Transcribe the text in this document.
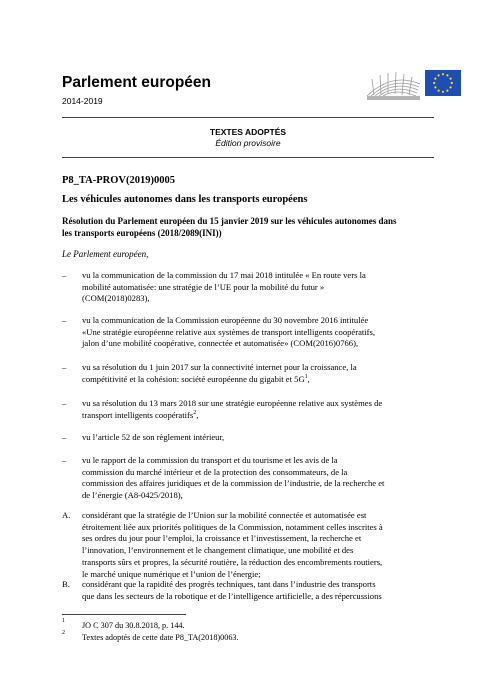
Parlement européen
2014-2019
TEXTES ADOPTÉS
Édition provisoire
P8_TA-PROV(2019)0005
Les véhicules autonomes dans les transports européens
Résolution du Parlement européen du 15 janvier 2019 sur les véhicules autonomes dans
les transports européens (2018/2089(INI))
Le Parlement européen,
– vu la communication de la commission du 17 mai 2018 intitulée « En route vers la
mobilité automatisée: une stratégie de l’UE pour la mobilité du futur »
(COM(2018)0283),
– vu la communication de la Commission européenne du 30 novembre 2016 intitulée
«Une stratégie européenne relative aux systèmes de transport intelligents coopératifs,
jalon d’une mobilité coopérative, connectée et automatisée» (COM(2016)0766),
– vu sa résolution du 1 juin 2017 sur la connectivité internet pour la croissance, la
compétitivité et la cohésion: société européenne du gigabit et $5G^1$,
– vu sa résolution du 13 mars 2018 sur une stratégie européenne relative aux systèmes de
transport intelligents coopératifs$^2$,
– vu l’article 52 de son règlement intérieur,
– vu le rapport de la commission du transport et du tourisme et les avis de la
commission du marché intérieur et de la protection des consommateurs, de la
commission des affaires juridiques et de la commission de l’industrie, de la recherche et
de l’énergie (A8-0425/2018),
A. considérant que la stratégie de l’Union sur la mobilité connectée et automatisée est
étroitement liée aux priorités politiques de la Commission, notamment celles inscrites à
ses ordres du jour pour l’emploi, la croissance et l’investissement, la recherche et
l’innovation, l’environnement et le changement climatique, une mobilité et des
transports sûrs et propres, la sécurité routière, la réduction des encombrements routiers,
le marché unique numérique et l’union de l’énergie;
B. considérant que la rapidité des progrès techniques, tant dans l’industrie des transports
que dans les secteurs de la robotique et de l’intelligence artificielle, a des répercussions
1 JO C 307 du 30.8.2018, p. 144.
2 Textes adoptés de cette date P8_TA(2018)0063.
